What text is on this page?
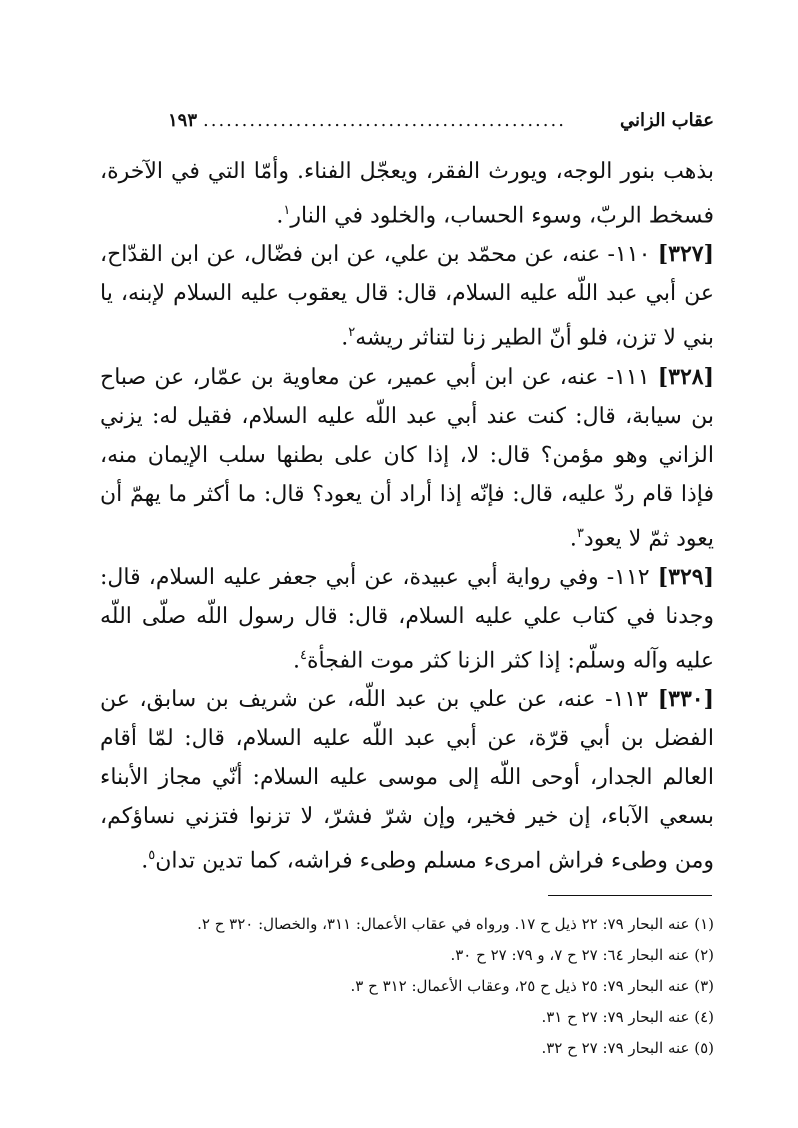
عقاب الزاني
...............................................
١٩٣

بذهب بنور الوجه، ويورث الفقر، ويعجّل الفناء. وأمّا التي في الآخرة، فسخط الربّ، وسوء الحساب، والخلود في النار$^١$.

[٣٢٧] ١١٠- عنه، عن محمّد بن علي، عن ابن فضّال، عن ابن القدّاح، عن أبي عبد اللّه عليه السلام، قال: قال يعقوب عليه السلام لإبنه، يا بني لا تزن، فلو أنّ الطير زنا لتناثر ريشه$^٢$.

[٣٢٨] ١١١- عنه، عن ابن أبي عمير، عن معاوية بن عمّار، عن صباح بن سيابة، قال: كنت عند أبي عبد اللّه عليه السلام، فقيل له: يزني الزاني وهو مؤمن؟ قال: لا، إذا كان على بطنها سلب الإيمان منه، فإذا قام ردّ عليه، قال: فإنّه إذا أراد أن يعود؟ قال: ما أكثر ما يهمّ أن يعود ثمّ لا يعود$^٣$.

[٣٢٩] ١١٢- وفي رواية أبي عبيدة، عن أبي جعفر عليه السلام، قال: وجدنا في كتاب علي عليه السلام، قال: قال رسول اللّه صلّى اللّه عليه وآله وسلّم: إذا كثر الزنا كثر موت الفجأة$^٤$.

[٣٣٠] ١١٣- عنه، عن علي بن عبد اللّه، عن شريف بن سابق، عن الفضل بن أبي قرّة، عن أبي عبد اللّه عليه السلام، قال: لمّا أقام العالم الجدار، أوحى اللّه إلى موسى عليه السلام: أنّي مجاز الأبناء بسعي الآباء، إن خير فخير، وإن شرّ فشرّ، لا تزنوا فتزني نساؤكم، ومن وطىء فراش امرىء مسلم وطىء فراشه، كما تدين تدان$^٥$.

(١) عنه البحار ٧٩: ٢٢ ذيل ح ١٧. ورواه في عقاب الأعمال: ٣١١، والخصال: ٣٢٠ ح ٢.

(٢) عنه البحار ٦٤: ٢٧ ح ٧، و ٧٩: ٢٧ ح ٣٠.

(٣) عنه البحار ٧٩: ٢٥ ذيل ح ٢٥، وعقاب الأعمال: ٣١٢ ح ٣.

(٤) عنه البحار ٧٩: ٢٧ ح ٣١.

(٥) عنه البحار ٧٩: ٢٧ ح ٣٢.
